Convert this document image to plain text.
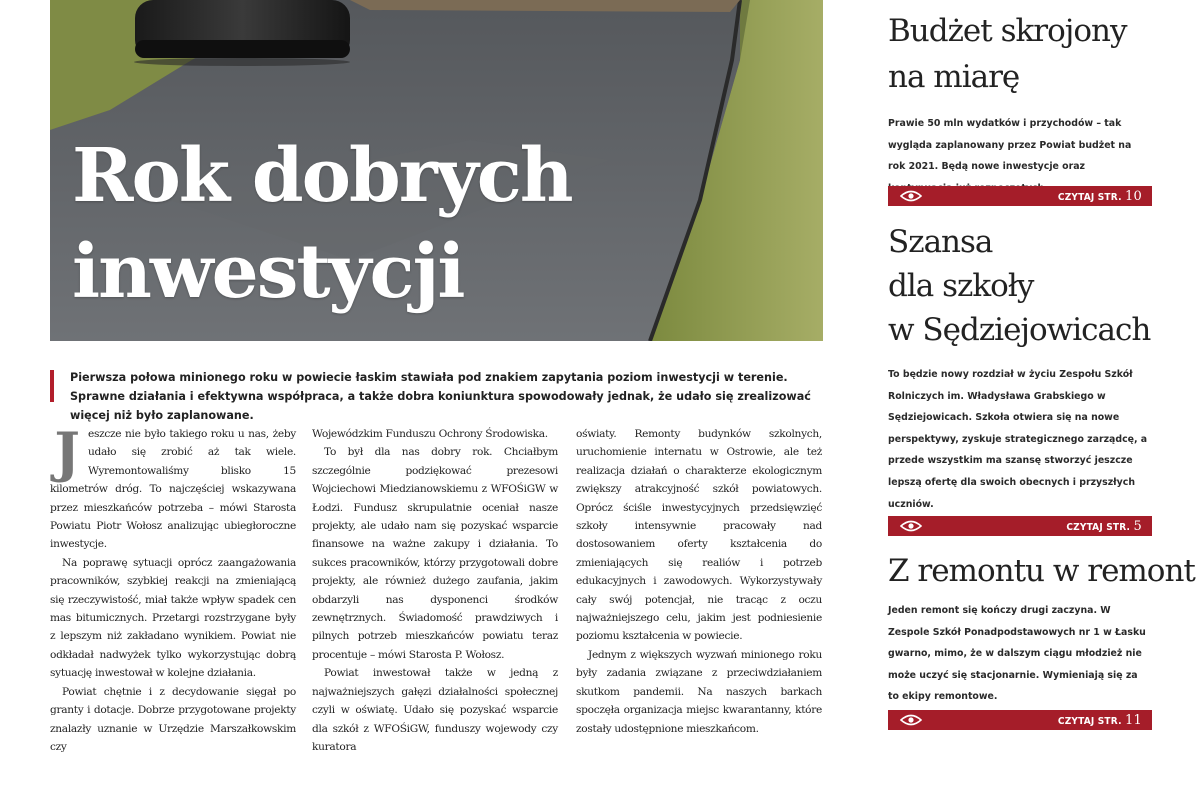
Rok dobrych
inwestycji
Pierwsza połowa minionego roku w powiecie łaskim stawiała pod znakiem zapytania poziom inwestycji w terenie. Sprawne działania i efektywna współpraca, a także dobra koniunktura spowodowały jednak, że udało się zrealizować więcej niż było zaplanowane.
J eszcze nie było takiego roku u nas, żeby udało się zrobić aż tak wiele. Wyremontowaliśmy blisko 15 kilometrów dróg. To najczęściej wskazywana przez mieszkańców potrzeba – mówi Starosta Powiatu Piotr Wołosz analizując ubiegłoroczne inwestycje.

Na poprawę sytuacji oprócz zaangażowania pracowników, szybkiej reakcji na zmieniającą się rzeczywistość, miał także wpływ spadek cen mas bitumicznych. Przetargi rozstrzygane były z lepszym niż zakładano wynikiem. Powiat nie odkładał nadwyżek tylko wykorzystując dobrą sytuację inwestował w kolejne działania.

Powiat chętnie i z decydowanie sięgał po granty i dotacje. Dobrze przygotowane projekty znalazły uznanie w Urzędzie Marszałkowskim czy

Wojewódzkim Funduszu Ochrony Środowiska.

To był dla nas dobry rok. Chciałbym szczególnie podziękować prezesowi Wojciechowi Miedzianowskiemu z WFOŚiGW w Łodzi. Fundusz skrupulatnie oceniał nasze projekty, ale udało nam się pozyskać wsparcie finansowe na ważne zakupy i działania. To sukces pracowników, którzy przygotowali dobre projekty, ale również dużego zaufania, jakim obdarzyli nas dysponenci środków zewnętrznych. Świadomość prawdziwych i pilnych potrzeb mieszkańców powiatu teraz procentuje – mówi Starosta P. Wołosz.

Powiat inwestował także w jedną z najważniejszych gałęzi działalności społecznej czyli w oświatę. Udało się pozyskać wsparcie dla szkół z WFOŚiGW, funduszy wojewody czy kuratora

oświaty. Remonty budynków szkolnych, uruchomienie internatu w Ostrowie, ale też realizacja działań o charakterze ekologicznym zwiększy atrakcyjność szkół powiatowych. Oprócz ściśle inwestycyjnych przedsięwzięć szkoły intensywnie pracowały nad dostosowaniem oferty kształcenia do zmieniających się realiów i potrzeb edukacyjnych i zawodowych. Wykorzystywały cały swój potencjał, nie tracąc z oczu najważniejszego celu, jakim jest podniesienie poziomu kształcenia w powiecie.

Jednym z większych wyzwań minionego roku były zadania związane z przeciwdziałaniem skutkom pandemii. Na naszych barkach spoczęła organizacja miejsc kwarantanny, które zostały udostępnione mieszkańcom.

Budżet skrojony
na miarę
Prawie 50 mln wydatków i przychodów – tak wygląda zaplanowany przez Powiat budżet na rok 2021. Będą nowe inwestycje oraz
CZYTAJ STR. 10
Szansa
dla szkoły
w Sędziejowicach
To będzie nowy rozdział w życiu Zespołu Szkół Rolniczych im. Władysława Grabskiego w Sędziejowicach. Szkoła otwiera się na nowe perspektywy, zyskuje strategicznego zarządcę, a przede wszystkim ma szansę stworzyć jeszcze lepszą ofertę dla swoich obecnych i przyszłych uczniów.
CZYTAJ STR. 5
Z remontu w remont
Jeden remont się kończy drugi zaczyna. W Zespole Szkół Ponadpodstawowych nr 1 w Łasku gwarno, mimo, że w dalszym ciągu młodzież nie może uczyć się stacjonarnie. Wymieniają się za to ekipy remontowe.
CZYTAJ STR. 11
